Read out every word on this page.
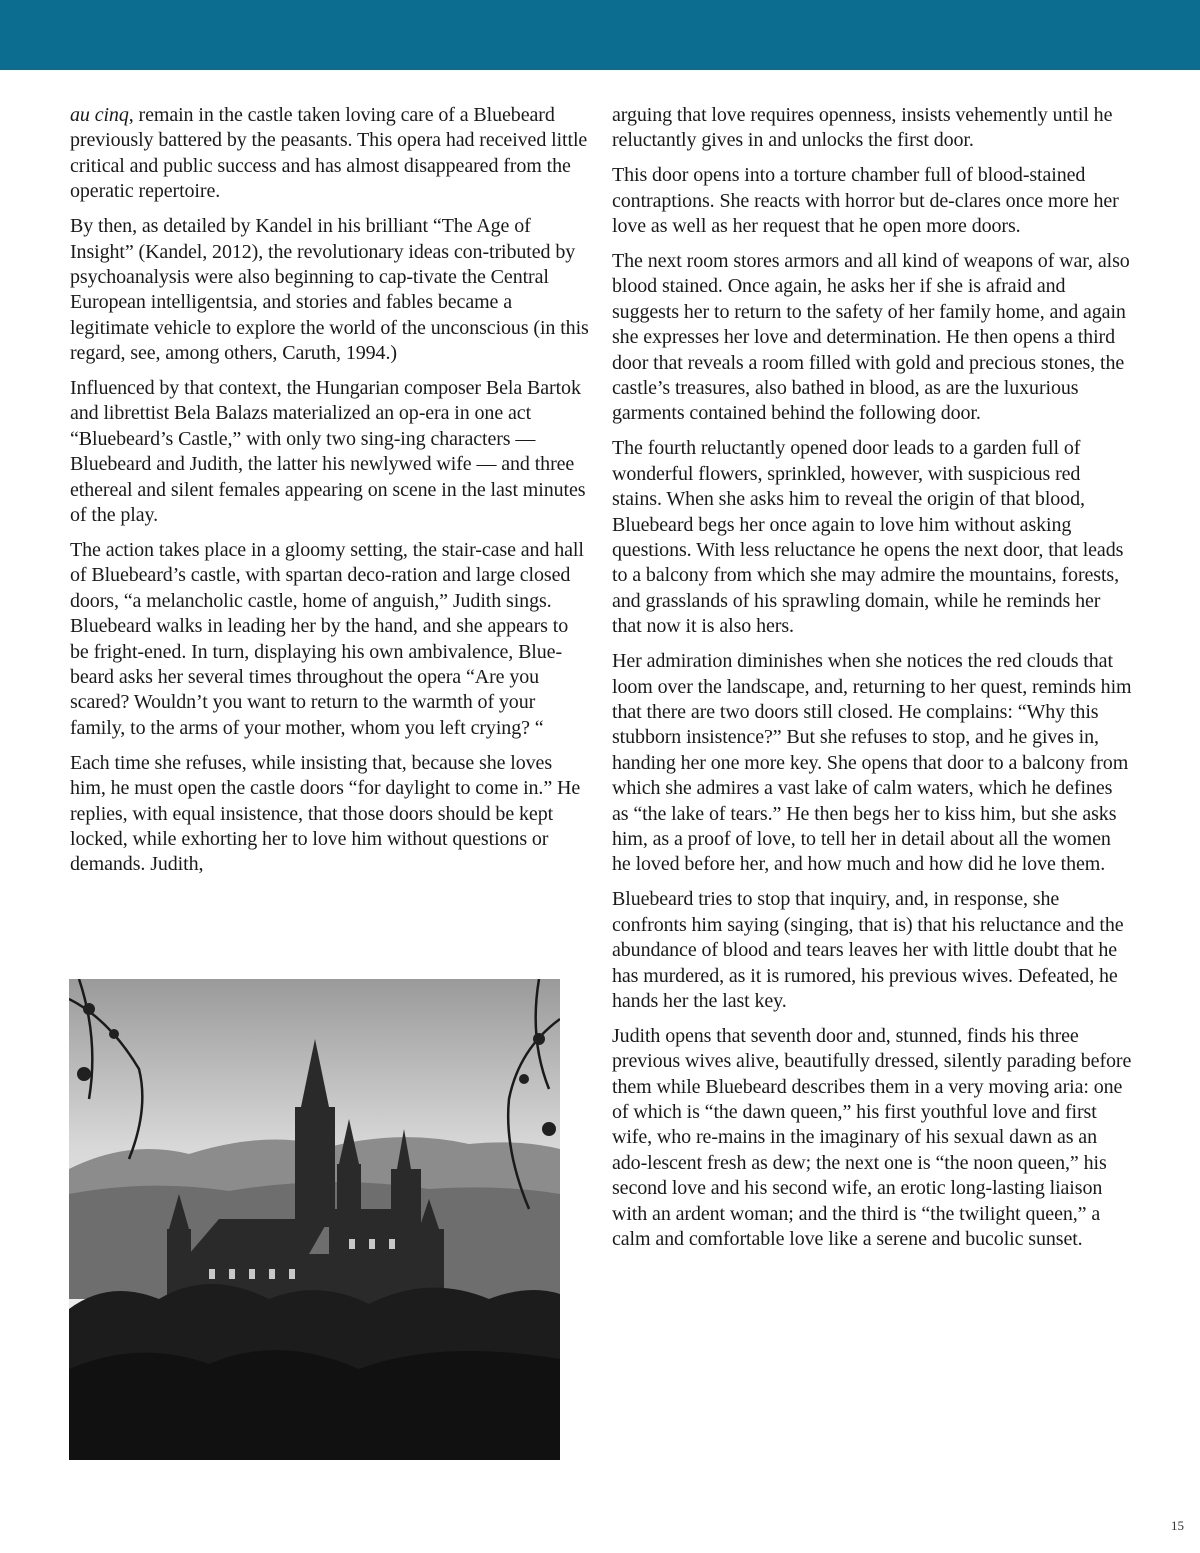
au cinq, remain in the castle taken loving care of a Bluebeard previously battered by the peasants. This opera had received little critical and public success and has almost disappeared from the operatic repertoire.

By then, as detailed by Kandel in his brilliant “The Age of Insight” (Kandel, 2012), the revolutionary ideas con-tributed by psychoanalysis were also beginning to cap-tivate the Central European intelligentsia, and stories and fables became a legitimate vehicle to explore the world of the unconscious (in this regard, see, among others, Caruth, 1994.)

Influenced by that context, the Hungarian composer Bela Bartok and librettist Bela Balazs materialized an op-era in one act “Bluebeard’s Castle,” with only two sing-ing characters — Bluebeard and Judith, the latter his newlywed wife — and three ethereal and silent females appearing on scene in the last minutes of the play.

The action takes place in a gloomy setting, the stair-case and hall of Bluebeard’s castle, with spartan deco-ration and large closed doors, “a melancholic castle, home of anguish,” Judith sings. Bluebeard walks in leading her by the hand, and she appears to be fright-ened. In turn, displaying his own ambivalence, Blue-beard asks her several times throughout the opera “Are you scared? Wouldn’t you want to return to the warmth of your family, to the arms of your mother, whom you left crying? “

Each time she refuses, while insisting that, because she loves him, he must open the castle doors “for daylight to come in.” He replies, with equal insistence, that those doors should be kept locked, while exhorting her to love him without questions or demands. Judith,

arguing that love requires openness, insists vehemently until he reluctantly gives in and unlocks the first door.

This door opens into a torture chamber full of blood-stained contraptions. She reacts with horror but de-clares once more her love as well as her request that he open more doors.

The next room stores armors and all kind of weapons of war, also blood stained. Once again, he asks her if she is afraid and suggests her to return to the safety of her family home, and again she expresses her love and determination. He then opens a third door that reveals a room filled with gold and precious stones, the castle’s treasures, also bathed in blood, as are the luxurious garments contained behind the following door.

The fourth reluctantly opened door leads to a garden full of wonderful flowers, sprinkled, however, with suspicious red stains. When she asks him to reveal the origin of that blood, Bluebeard begs her once again to love him without asking questions. With less reluctance he opens the next door, that leads to a balcony from which she may admire the mountains, forests, and grasslands of his sprawling domain, while he reminds her that now it is also hers.

Her admiration diminishes when she notices the red clouds that loom over the landscape, and, returning to her quest, reminds him that there are two doors still closed. He complains: “Why this stubborn insistence?” But she refuses to stop, and he gives in, handing her one more key. She opens that door to a balcony from which she admires a vast lake of calm waters, which he defines as “the lake of tears.” He then begs her to kiss him, but she asks him, as a proof of love, to tell her in detail about all the women he loved before her, and how much and how did he love them.

Bluebeard tries to stop that inquiry, and, in response, she confronts him saying (singing, that is) that his reluctance and the abundance of blood and tears leaves her with little doubt that he has murdered, as it is rumored, his previous wives. Defeated, he hands her the last key.

Judith opens that seventh door and, stunned, finds his three previous wives alive, beautifully dressed, silently parading before them while Bluebeard describes them in a very moving aria: one of which is “the dawn queen,” his first youthful love and first wife, who re-mains in the imaginary of his sexual dawn as an ado-lescent fresh as dew; the next one is “the noon queen,” his second love and his second wife, an erotic long-lasting liaison with an ardent woman; and the third is “the twilight queen,” a calm and comfortable love like a serene and bucolic sunset.

15
